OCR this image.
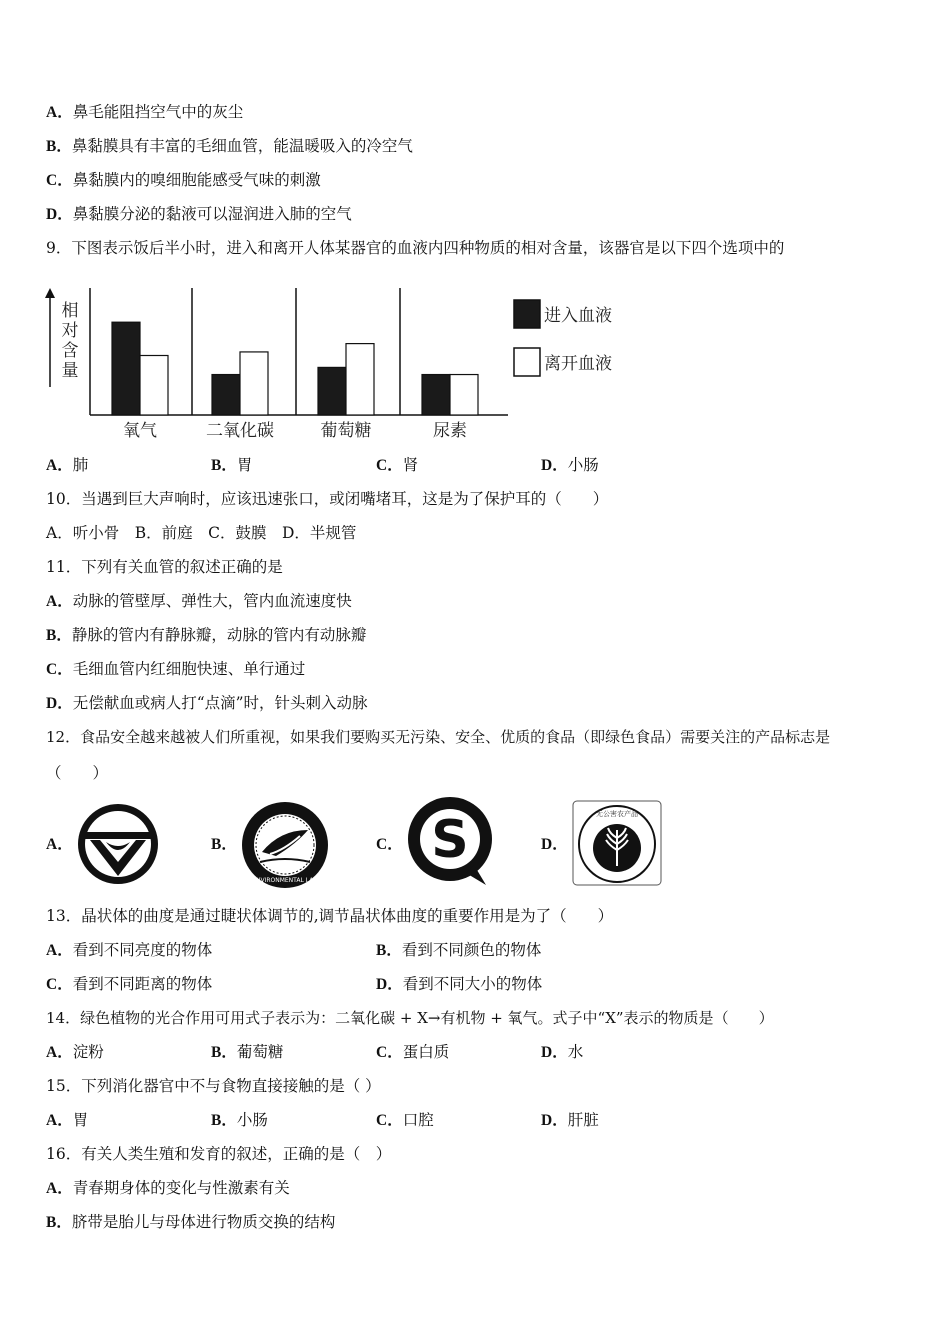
A．鼻毛能阻挡空气中的灰尘
B．鼻黏膜具有丰富的毛细血管，能温暖吸入的冷空气
C．鼻黏膜内的嗅细胞能感受气味的刺激
D．鼻黏膜分泌的黏液可以湿润进入肺的空气
9．下图表示饭后半小时，进入和离开人体某器官的血液内四种物质的相对含量，该器官是以下四个选项中的
氧气	二氧化碳	葡萄糖	尿素
相
对
含
量
进入血液
离开血液
A．肺	B．胃	C．肾	D．小肠
10．当遇到巨大声响时，应该迅速张口，或闭嘴堵耳，这是为了保护耳的（　　）
A．听小骨　B．前庭　C．鼓膜　D．半规管
11．下列有关血管的叙述正确的是
A．动脉的管壁厚、弹性大，管内血流速度快
B．静脉的管内有静脉瓣，动脉的管内有动脉瓣
C．毛细血管内红细胞快速、单行通过
D．无偿献血或病人打“点滴”时，针头刺入动脉
12．食品安全越来越被人们所重视，如果我们要购买无污染、安全、优质的食品（即绿色食品）需要关注的产品标志是
（　　）
A．	B．	C．	D．
CHINA ENVIRONMENTAL LABELLING
S	无公害农产品
13．晶状体的曲度是通过睫状体调节的,调节晶状体曲度的重要作用是为了（　　）
A．看到不同亮度的物体	B．看到不同颜色的物体
C．看到不同距离的物体	D．看到不同大小的物体
14．绿色植物的光合作用可用式子表示为：二氧化碳 + X→有机物 + 氧气。式子中“X”表示的物质是（　　）
A．淀粉	B．葡萄糖	C．蛋白质	D．水
15．下列消化器官中不与食物直接接触的是（ ）
A．胃	B．小肠	C．口腔	D．肝脏
16．有关人类生殖和发育的叙述，正确的是（　）
A．青春期身体的变化与性激素有关
B．脐带是胎儿与母体进行物质交换的结构
